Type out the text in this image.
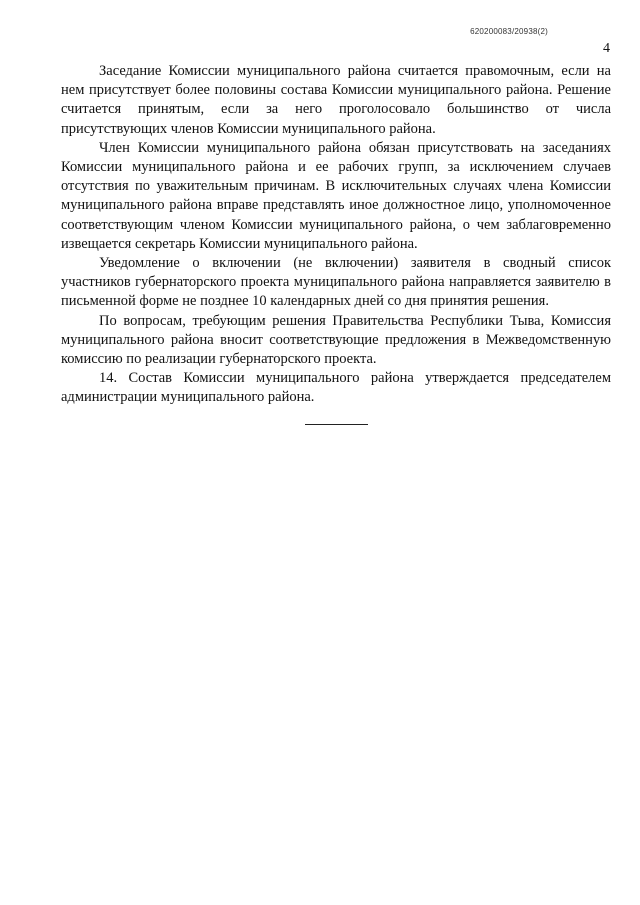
620200083/20938(2)
4

Заседание Комиссии муниципального района считается правомочным, если на нем присутствует более половины состава Комиссии муниципального района. Решение считается принятым, если за него проголосовало большинство от числа присутствующих членов Комиссии муниципального района.

Член Комиссии муниципального района обязан присутствовать на заседаниях Комиссии муниципального района и ее рабочих групп, за исключением случаев отсутствия по уважительным причинам. В исключительных случаях члена Комиссии муниципального района вправе представлять иное должностное лицо, уполномоченное соответствующим членом Комиссии муниципального района, о чем заблаговременно извещается секретарь Комиссии муниципального района.

Уведомление о включении (не включении) заявителя в сводный список участников губернаторского проекта муниципального района направляется заявителю в письменной форме не позднее 10 календарных дней со дня принятия решения.

По вопросам, требующим решения Правительства Республики Тыва, Комиссия муниципального района вносит соответствующие предложения в Межведомственную комиссию по реализации губернаторского проекта.

14. Состав Комиссии муниципального района утверждается председателем администрации муниципального района.
